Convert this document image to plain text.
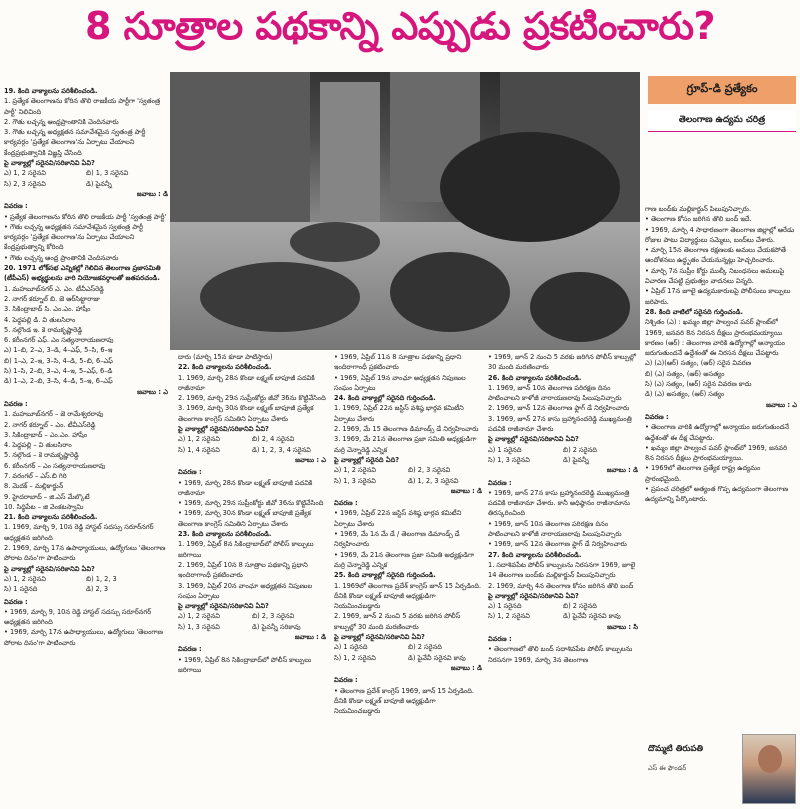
8 సూత్రాల పథకాన్ని ఎప్పుడు ప్రకటించారు?
19. కింది వాక్యాలను పరిశీలించండి.
1. ప్రత్యేక తెలంగాణను కోరిన తొలి రాజకీయ పార్టీగా 'స్వతంత్ర పార్టీ' నిలిచింది
2. గౌతు లచ్చన్న ఆంధ్రప్రాంతానికి చెందినవారు
3. గౌతు లచ్చన్న అధ్యక్షతన సమావేశమైన స్వతంత్ర పార్టీ కార్యవర్గం 'ప్రత్యేక తెలంగాణ'ను ఏర్పాటు చేయాలని కేంద్రప్రభుత్వానికి విజ్ఞప్తి చేసింది
పై వాక్యాల్లో సరైనవి/సరికానివి ఏవి?
ఎ) 1, 2 సరైనవి	బి) 1, 3 సరైనవి
సి) 2, 3 సరైనవి	డి) పైవన్నీ
జవాబు : డి
వివరణ :
• ప్రత్యేక తెలంగాణను కోరిన తొలి రాజకీయ పార్టీ 'స్వతంత్ర పార్టీ'
• గౌతు లచ్చన్న అధ్యక్షతన సమావేశమైన స్వతంత్ర పార్టీ కార్యవర్గం 'ప్రత్యేక తెలంగాణ'ను ఏర్పాటు చేయాలని కేంద్రప్రభుత్వాన్ని కోరింది
• గౌతు లచ్చన్న ఆంధ్ర ప్రాంతానికి చెందినవారు
20. 1971 లోక్‌సభ ఎన్నికల్లో గెలిచిన తెలంగాణ ప్రజాసమితి (టీపీఎస్) అభ్యర్థులను వారి నియోజకవర్గాలతో జతపరచండి.
1. మహబూబ్‌నగర్ ఎ. ఎం. టీవీఎస్‌రెడ్డి
2. నాగర్ కర్నూల్ బి. జె ఆర్‌సిట్టారాజు
3. సికింద్రాబాద్ సి. ఎం.ఎం. హాషీం
4. పెద్దపల్లి డి. వి తులసిరాం
5. నల్గొండ ఇ. కె రామకృష్ణారెడ్డి
6. కరీంనగర్ ఎఫ్. ఎం సత్యనారాయణరావు
ఎ) 1–బి, 2–ఎ, 3–డి, 4–ఎఫ్, 5–సి, 6–ఇ
బి) 1–ఎ, 2–ఇ, 3–సి, 4–డి, 5–బి, 6–ఎఫ్
సి) 1–సి, 2–బి, 3–ఎ, 4–ఇ, 5–ఎఫ్, 6–డి
డి) 1–ఎ, 2–బి, 3–సి, 4–డి, 5–ఇ, 6–ఎఫ్
జవాబు : ఎ
వివరణ :
1. మహబూబ్‌నగర్ – జె రామేశ్వరరావు
2. నాగర్ కర్నూల్ – ఎం. టీవీఎస్‌రెడ్డి
3. సికింద్రాబాద్ – ఎం.ఎం. హాషీం
4. పెద్దపల్లి – వి తులసిరాం
5. నల్గొండ – కె రామకృష్ణారెడ్డి
6. కరీంనగర్ – ఎం సత్యనారాయణరావు
7. వరంగల్ – ఎస్.బి గిరి
8. మెదక్ – మల్లికార్జున్
9. హైదరాబాద్ – జి.ఎస్ మేల్కొటే
10. సిద్ధిపేట – జి వెంకటస్వామి
21. కింది వాక్యాలను పరిశీలించండి.
1. 1969, మార్చి 9, 10న రెడ్డి హాస్టల్ సదస్సు సరూర్‌నగర్ అధ్యక్షతన జరిగింది
2. 1969, మార్చి 17న ఉపాధ్యాయులు, ఉద్యోగులు 'తెలంగాణ పోరాట దినం'గా పాటించారు
పై వాక్యాల్లో సరైనవి/సరికానివి ఏవి?
ఎ) 1, 2 సరైనవి	బి) 1, 2, 3
సి) 1 సరైనది	డి) 2, 3
వివరణ :
• 1969, మార్చి 9, 10న రెడ్డి హాస్టల్ సదస్సు సరూర్‌నగర్ అధ్యక్షతన జరిగింది
• 1969, మార్చి 17న ఉపాధ్యాయులు, ఉద్యోగులు 'తెలంగాణ పోరాట దినం'గా పాటించారు
గ్రూప్-డి ప్రత్యేకం
తెలంగాణ ఉద్యమ చరిత్ర
దారు (మార్చి 15న కూడా పాటిస్తారు)
22. కింది వాక్యాలను పరిశీలించండి.
1. 1969, మార్చి 28న కొండా లక్ష్మణ్ బాపూజీ పదవికి రాజీనామా
2. 1969, మార్చి 29న సుప్రీంకోర్టు జీవో 36ను కొట్టివేసింది
3. 1969, మార్చి 30న కొండా లక్ష్మణ్ బాపూజీ ప్రత్యేక తెలంగాణ కాంగ్రెస్ సమితిని ఏర్పాటు చేశారు
పై వాక్యాల్లో సరైనవి/సరికానివి ఏవి?
ఎ) 1, 2 సరైనవి	బి) 2, 4 సరైనవి
సి) 1, 4 సరైనవి	డి) 1, 2, 3, 4 సరైనవి
జవాబు : ఎ
వివరణ :
• 1969, మార్చి 28న కొండా లక్ష్మణ్ బాపూజీ పదవికి రాజీనామా
• 1969, మార్చి 29న సుప్రీంకోర్టు జీవో 36ను కొట్టివేసింది
• 1969, మార్చి 30న కొండా లక్ష్మణ్ బాపూజీ ప్రత్యేక తెలంగాణ కాంగ్రెస్ సమితిని ఏర్పాటు చేశారు
23. కింది వాక్యాలను పరిశీలించండి.
1. 1969, ఏప్రిల్ 8న సికింద్రాబాద్‌లో పోలీస్ కాల్పులు జరిగాయి
2. 1969, ఏప్రిల్ 10న 8 సూత్రాల పథకాన్ని ప్రధాని ఇందిరాగాంధీ ప్రకటించారు
3. 1969, ఏప్రిల్ 20న వాంఛూ అధ్యక్షతన నిపుణుల సంఘం ఏర్పాటు
పై వాక్యాల్లో సరైనవి/సరికానివి ఏవి?
ఎ) 1, 2 సరైనవి	బి) 2, 3 సరైనవి
సి) 1, 3 సరైనవి	డి) పైవన్నీ సరికావు
జవాబు : డి
వివరణ :
• 1969, ఏప్రిల్ 8న సికింద్రాబాద్‌లో పోలీస్ కాల్పులు జరిగాయి
• 1969, ఏప్రిల్ 11న 8 సూత్రాల పథకాన్ని ప్రధాని ఇందిరాగాంధీ ప్రకటించారు
• 1969, ఏప్రిల్ 19న వాంఛూ అధ్యక్షతన నిపుణుల సంఘం ఏర్పాటు
24. కింది వాక్యాల్లో సరైనది గుర్తించండి.
1. 1969, ఏప్రిల్ 22న జస్టిస్ వశిష్ఠ భార్గవ కమిటీని ఏర్పాటు చేశారు
2. 1969, మే 15 తెలంగాణ డిమాండ్స్ డే నిర్వహించారు
3. 1969, మే 21న తెలంగాణ ప్రజా సమితి అధ్యక్షుడిగా మర్రి చెన్నారెడ్డి ఎన్నిక
పై వాక్యాల్లో సరైనది ఏది?
ఎ) 1, 2 సరైనవి	బి) 2, 3 సరైనవి
సి) 1, 3 సరైనవి	డి) 1, 2, 3 సరైనవి
జవాబు : డి
వివరణ :
• 1969, ఏప్రిల్ 22న జస్టిస్ వశిష్ఠ భార్గవ కమిటీని ఏర్పాటు చేశారు
• 1969, మే 1న మే డే / తెలంగాణ డిమాండ్స్ డే నిర్వహించారు
• 1969, మే 21న తెలంగాణ ప్రజా సమితి అధ్యక్షుడిగా మర్రి చెన్నారెడ్డి ఎన్నిక
25. కింది వాక్యాల్లో సరైనది గుర్తించండి.
1. 1969లో తెలంగాణ ప్రదేశ్ కాంగ్రెస్ జూన్ 15 ఏర్పడింది. దీనికి కొండా లక్ష్మణ్ బాపూజీ అధ్యక్షుడిగా నియమించబడ్డారు
2. 1969, జూన్ 2 నుంచి 5 వరకు జరిగిన పోలీస్ కాల్పుల్లో 30 మంది మరణించారు
పై వాక్యాల్లో సరైనవి/సరికానివి ఏవి?
ఎ) 1 సరైనది	బి) 2 సరైనది
సి) 1, 2 సరైనవి	డి) పైవేవీ సరైనవి కావు
జవాబు : డి
వివరణ :
• తెలంగాణ ప్రదేశ్ కాంగ్రెస్ 1969, జూన్ 15 ఏర్పడింది. దీనికి కొండా లక్ష్మణ్ బాపూజీ అధ్యక్షుడిగా నియమించబడ్డారు
• 1969, జూన్ 2 నుంచి 5 వరకు జరిగిన పోలీస్ కాల్పుల్లో 30 మంది మరణించారు
26. కింది వాక్యాలను పరిశీలించండి.
1. 1969, జూన్ 10న తెలంగాణ పరిరక్షణ దినం పాటించాలని కాళోజీ నారాయణరావు పిలుపునిచ్చారు
2. 1969, జూన్ 12న తెలంగాణ ఫ్లాగ్ డే నిర్వహించారు
3. 1969, జూన్ 27న కాసు బ్రహ్మానందరెడ్డి ముఖ్యమంత్రి పదవికి రాజీనామా చేశారు
పై వాక్యాల్లో సరైనవి/సరికానివి ఏవి?
ఎ) 1 సరైనది	బి) 2 సరైనది
సి) 1, 3 సరైనవి	డి) పైవన్నీ
జవాబు : డి
వివరణ :
• 1969, జూన్ 27న కాసు బ్రహ్మానందరెడ్డి ముఖ్యమంత్రి పదవికి రాజీనామా చేశారు. కానీ అధిష్ఠానం రాజీనామాను తిరస్కరించింది
• 1969, జూన్ 10న తెలంగాణ పరిరక్షణ దినం పాటించాలని కాళోజీ నారాయణరావు పిలుపునిచ్చారు
• 1969, జూన్ 12న తెలంగాణ ఫ్లాగ్ డే నిర్వహించారు
27. కింది వాక్యాలను పరిశీలించండి.
1. సదాశివపేట పోలీస్ కాల్పులను నిరసనగా 1969, జూలై 14 తెలంగాణ బంద్‌కు మల్లికార్జున్ పిలుపునిచ్చారు
2. 1969, మార్చి 4న తెలంగాణ కోసం జరిగిన తొలి బంద్
పై వాక్యాల్లో సరైనవి/సరికానివి ఏవి?
ఎ) 1 సరైనది	బి) 2 సరైనది
సి) 1, 2 సరైనవి	డి) పైవేవీ సరైనవి కావు
జవాబు : సి
వివరణ :
• తెలంగాణలో తొలి బంద్ సదాశివపేట పోలీస్ కాల్పులను నిరసనగా 1969, మార్చి 3న తెలంగాణ
గాణ బంద్‌కు మల్లికార్జున్ పిలుపునిచ్చారు.
• తెలంగాణ కోసం జరిగిన తొలి బంద్ ఇదే.
• 1969, మార్చి 4 సాధారణంగా తెలంగాణ జిల్లాల్లో ఆరేడు రోజుల పాటు విద్యార్థులు సమ్మెలు, బంద్‌లు చేశారు.
• మార్చి 15న తెలంగాణ రక్షణలకు అమలు చేయకపోతే ఆందోళనలు ఉద్ధృతం చేయనున్నట్లు హెచ్చరించారు.
• మార్చి 7న సుప్రీం కోర్టు ముల్కీ నిబంధనలు అమలుపై విచారణ చేపట్టి ప్రభుత్వం వాదనలు విన్నది.
• ఏప్రిల్ 17న జూలై ఉద్యమకారులపై పోలీసులు కాల్పులు జరిపారు.
28. కింది వాటిలో సరైనది గుర్తించండి.
నిశ్చితం (ఎ) : ఖమ్మం జిల్లా పాల్వంచ పవర్ ప్లాంట్‌లో 1969, జనవరి 8న నిరసన దీక్షలు ప్రారంభమయ్యాయి
కారణం (ఆర్) : తెలంగాణ వారికి ఉద్యోగాల్లో అన్యాయం జరుగుతుందనే ఉద్దేశంతో ఈ నిరసన దీక్షలు చేపట్టారు
ఎ) (ఎ)(ఆర్) సత్యం, (ఆర్) సరైన వివరణ
బి) (ఎ) సత్యం, (ఆర్) అసత్యం
సి) (ఎ) సత్యం, (ఆర్) సరైన వివరణ కాదు
డి) (ఎ) అసత్యం, (ఆర్) సత్యం
జవాబు : ఎ
వివరణ :
• తెలంగాణ వారికి ఉద్యోగాల్లో అన్యాయం జరుగుతుందనే ఉద్దేశంతో ఈ దీక్ష చేపట్టారు.
• ఖమ్మం జిల్లా పాల్వంచ పవర్ ప్లాంట్‌లో 1969, జనవరి 8న నిరసన దీక్షలు ప్రారంభమయ్యాయి.
• 1969లో తెలంగాణ ప్రత్యేక రాష్ట్ర ఉద్యమం ప్రారంభమైంది.
• ప్రపంచ చరిత్రలో అత్యంత గొప్ప ఉద్యమంగా తెలంగాణ ఉద్యమాన్ని పేర్కొంటారు.
దొమ్మటి తిరుపతి
ఎస్ ఈ ఫౌండర్
